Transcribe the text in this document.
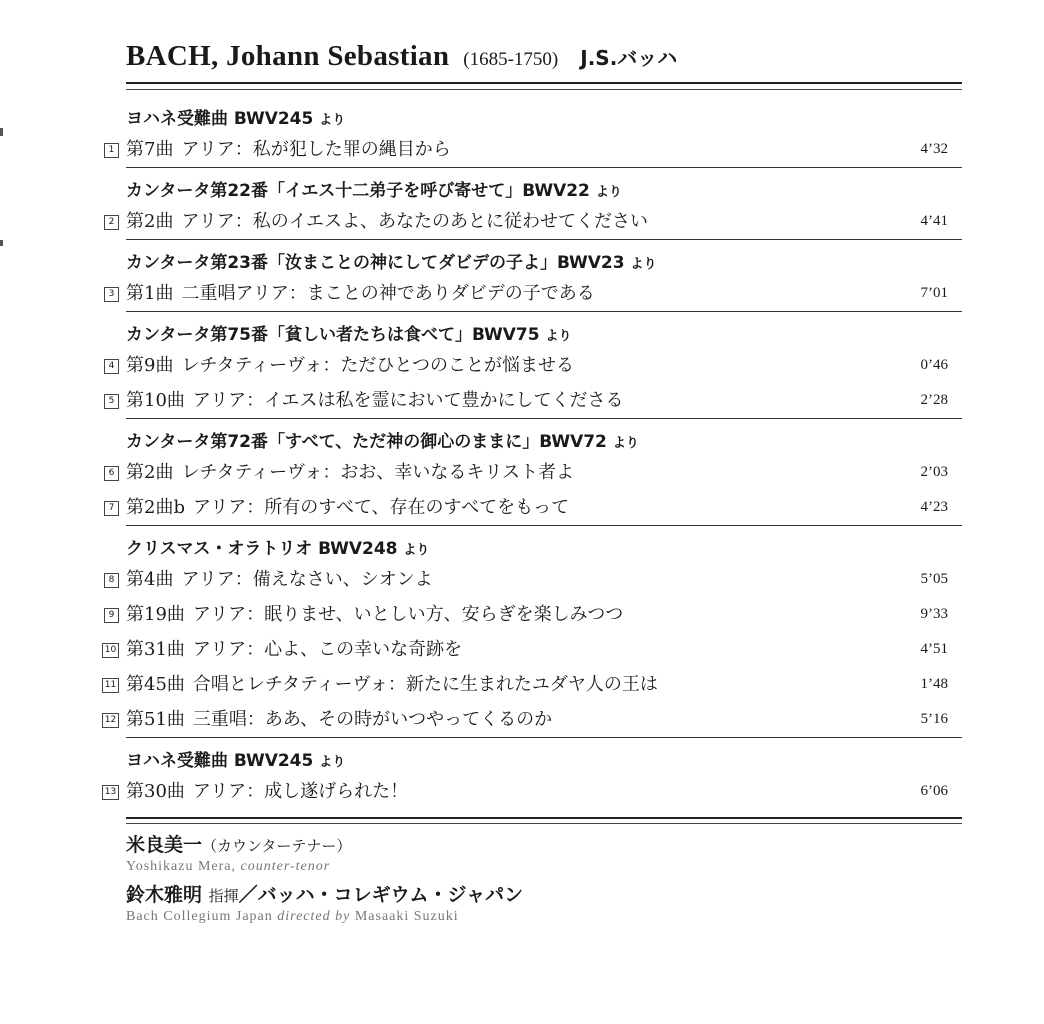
BACH, Johann Sebastian (1685-1750) J.S.バッハ
ヨハネ受難曲 BWV245 より
1 第7曲 アリア：私が犯した罪の縄目から	4’32
カンタータ第22番「イエス十二弟子を呼び寄せて」BWV22 より
2 第2曲 アリア：私のイエスよ、あなたのあとに従わせてください	4’41
カンタータ第23番「汝まことの神にしてダビデの子よ」BWV23 より
3 第1曲 二重唱アリア：まことの神でありダビデの子である	7’01
カンタータ第75番「貧しい者たちは食べて」BWV75 より
4 第9曲 レチタティーヴォ：ただひとつのことが悩ませる	0’46
5 第10曲 アリア：イエスは私を霊において豊かにしてくださる	2’28
カンタータ第72番「すべて、ただ神の御心のままに」BWV72 より
6 第2曲 レチタティーヴォ：おお、幸いなるキリスト者よ	2’03
7 第2曲b アリア：所有のすべて、存在のすべてをもって	4’23
クリスマス・オラトリオ BWV248 より
8 第4曲 アリア：備えなさい、シオンよ	5’05
9 第19曲 アリア：眠りませ、いとしい方、安らぎを楽しみつつ	9’33
10 第31曲 アリア：心よ、この幸いな奇跡を	4’51
11 第45曲 合唱とレチタティーヴォ：新たに生まれたユダヤ人の王は	1’48
12 第51曲 三重唱：ああ、その時がいつやってくるのか	5’16
ヨハネ受難曲 BWV245 より
13 第30曲 アリア：成し遂げられた！	6’06
米良美一（カウンターテナー）
Yoshikazu Mera, counter-tenor
鈴木雅明 指揮／バッハ・コレギウム・ジャパン
Bach Collegium Japan directed by Masaaki Suzuki
